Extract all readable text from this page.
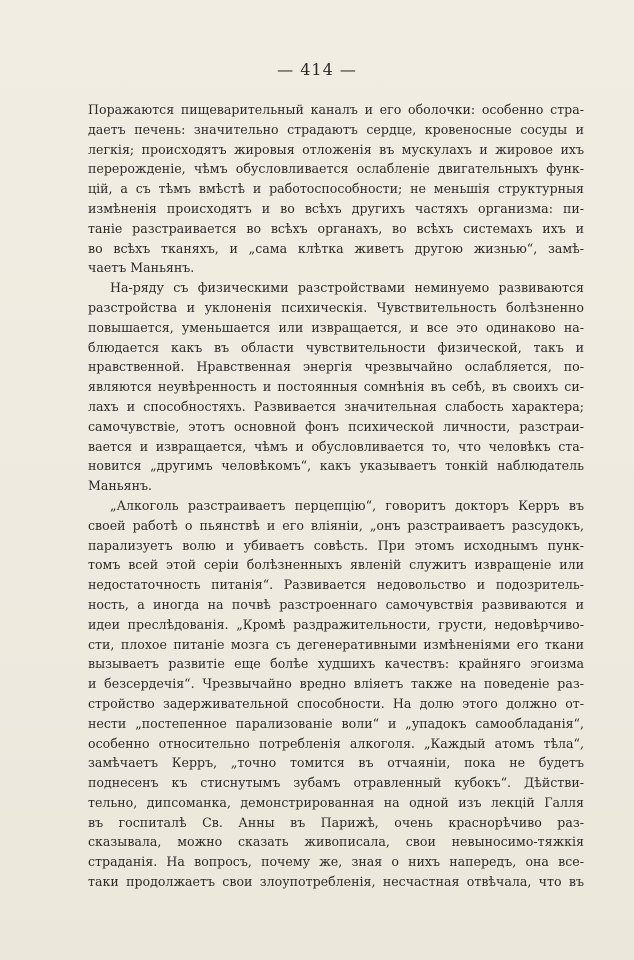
— 414 —
Поражаются пищеварительный каналъ и его оболочки: особенно стра-
даетъ печень: значительно страдаютъ сердце, кровеносные сосуды и
легкія; происходятъ жировыя отложенія въ мускулахъ и жировое ихъ
перерожденіе, чѣмъ обусловливается ослабленіе двигательныхъ функ-
цій, а съ тѣмъ вмѣстѣ и работоспособности; не меньшія структурныя
измѣненія происходятъ и во всѣхъ другихъ частяхъ организма: пи-
таніе разстраивается во всѣхъ органахъ, во всѣхъ системахъ ихъ и
во всѣхъ тканяхъ, и „сама клѣтка живетъ другою жизнью“, замѣ-
чаетъ Маньянъ.
На-ряду съ физическими разстройствами неминуемо развиваются
разстройства и уклоненія психическія. Чувствительность болѣзненно
повышается, уменьшается или извращается, и все это одинаково на-
блюдается какъ въ области чувствительности физической, такъ и
нравственной. Нравственная энергія чрезвычайно ослабляется, по-
являются неувѣренность и постоянныя сомнѣнія въ себѣ, въ своихъ си-
лахъ и способностяхъ. Развивается значительная слабость характера;
самочувствіе, этотъ основной фонъ психической личности, разстраи-
вается и извращается, чѣмъ и обусловливается то, что человѣкъ ста-
новится „другимъ человѣкомъ“, какъ указываетъ тонкій наблюдатель
Маньянъ.
„Алкоголь разстраиваетъ перцепцію“, говоритъ докторъ Керръ въ
своей работѣ о пьянствѣ и его вліяніи, „онъ разстраиваетъ разсудокъ,
парализуетъ волю и убиваетъ совѣсть. При этомъ исходнымъ пунк-
томъ всей этой серіи болѣзненныхъ явленій служитъ извращеніе или
недостаточность питанія“. Развивается недовольство и подозритель-
ность, а иногда на почвѣ разстроеннаго самочувствія развиваются и
идеи преслѣдованія. „Кромѣ раздражительности, грусти, недовѣрчиво-
сти, плохое питаніе мозга съ дегенеративными измѣненіями его ткани
вызываетъ развитіе еще болѣе худшихъ качествъ: крайняго эгоизма
и безсердечія“. Чрезвычайно вредно вліяетъ также на поведеніе раз-
стройство задерживательной способности. На долю этого должно от-
нести „постепенное парализованіе воли“ и „упадокъ самообладанія“,
особенно относительно потребленія алкоголя. „Каждый атомъ тѣла“,
замѣчаетъ Керръ, „точно томится въ отчаяніи, пока не будетъ
поднесенъ къ стиснутымъ зубамъ отравленный кубокъ“. Дѣйстви-
тельно, дипсоманка, демонстрированная на одной изъ лекцій Галля
въ госпиталѣ Св. Анны въ Парижѣ, очень краснорѣчиво раз-
сказывала, можно сказать живописала, свои невыносимо-тяжкія
страданія. На вопросъ, почему же, зная о нихъ напередъ, она все-
таки продолжаетъ свои злоупотребленія, несчастная отвѣчала, что въ
